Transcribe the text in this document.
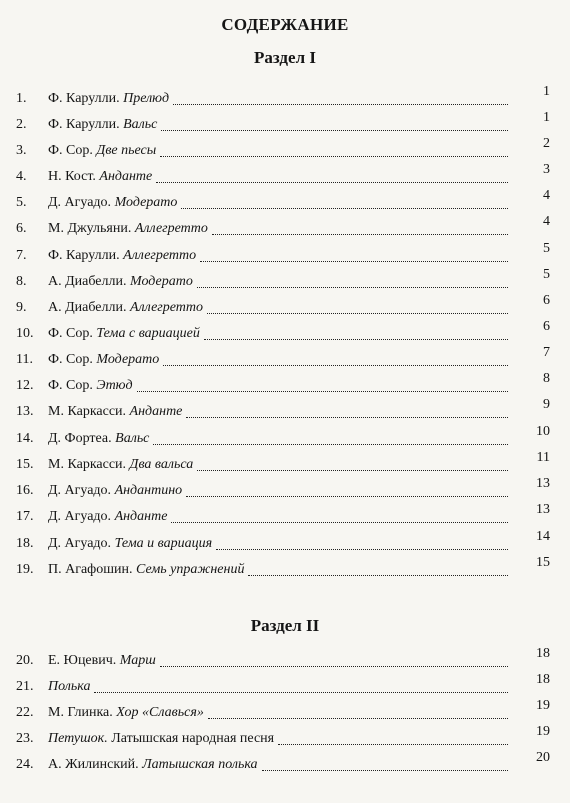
СОДЕРЖАНИЕ
Раздел I
1.	Ф. Карулли. Прелюд	1
2.	Ф. Карулли. Вальс	1
3.	Ф. Сор. Две пьесы	2
4.	Н. Кост. Анданте	3
5.	Д. Агуадо. Модерато	4
6.	М. Джульяни. Аллегретто	4
7.	Ф. Карулли. Аллегретто	5
8.	А. Диабелли. Модерато	5
9.	А. Диабелли. Аллегретто	6
10.	Ф. Сор. Тема с вариацией	6
11.	Ф. Сор. Модерато	7
12.	Ф. Сор. Этюд	8
13.	М. Каркасси. Анданте	9
14.	Д. Фортеа. Вальс	10
15.	М. Каркасси. Два вальса	11
16.	Д. Агуадо. Андантино	13
17.	Д. Агуадо. Анданте	13
18.	Д. Агуадо. Тема и вариация	14
19.	П. Агафошин. Семь упражнений	15
Раздел II
20.	Е. Юцевич. Марш	18
21.	Полька	18
22.	М. Глинка. Хор «Славься»	19
23.	Петушок. Латышская народная песня	19
24.	А. Жилинский. Латышская полька	20
